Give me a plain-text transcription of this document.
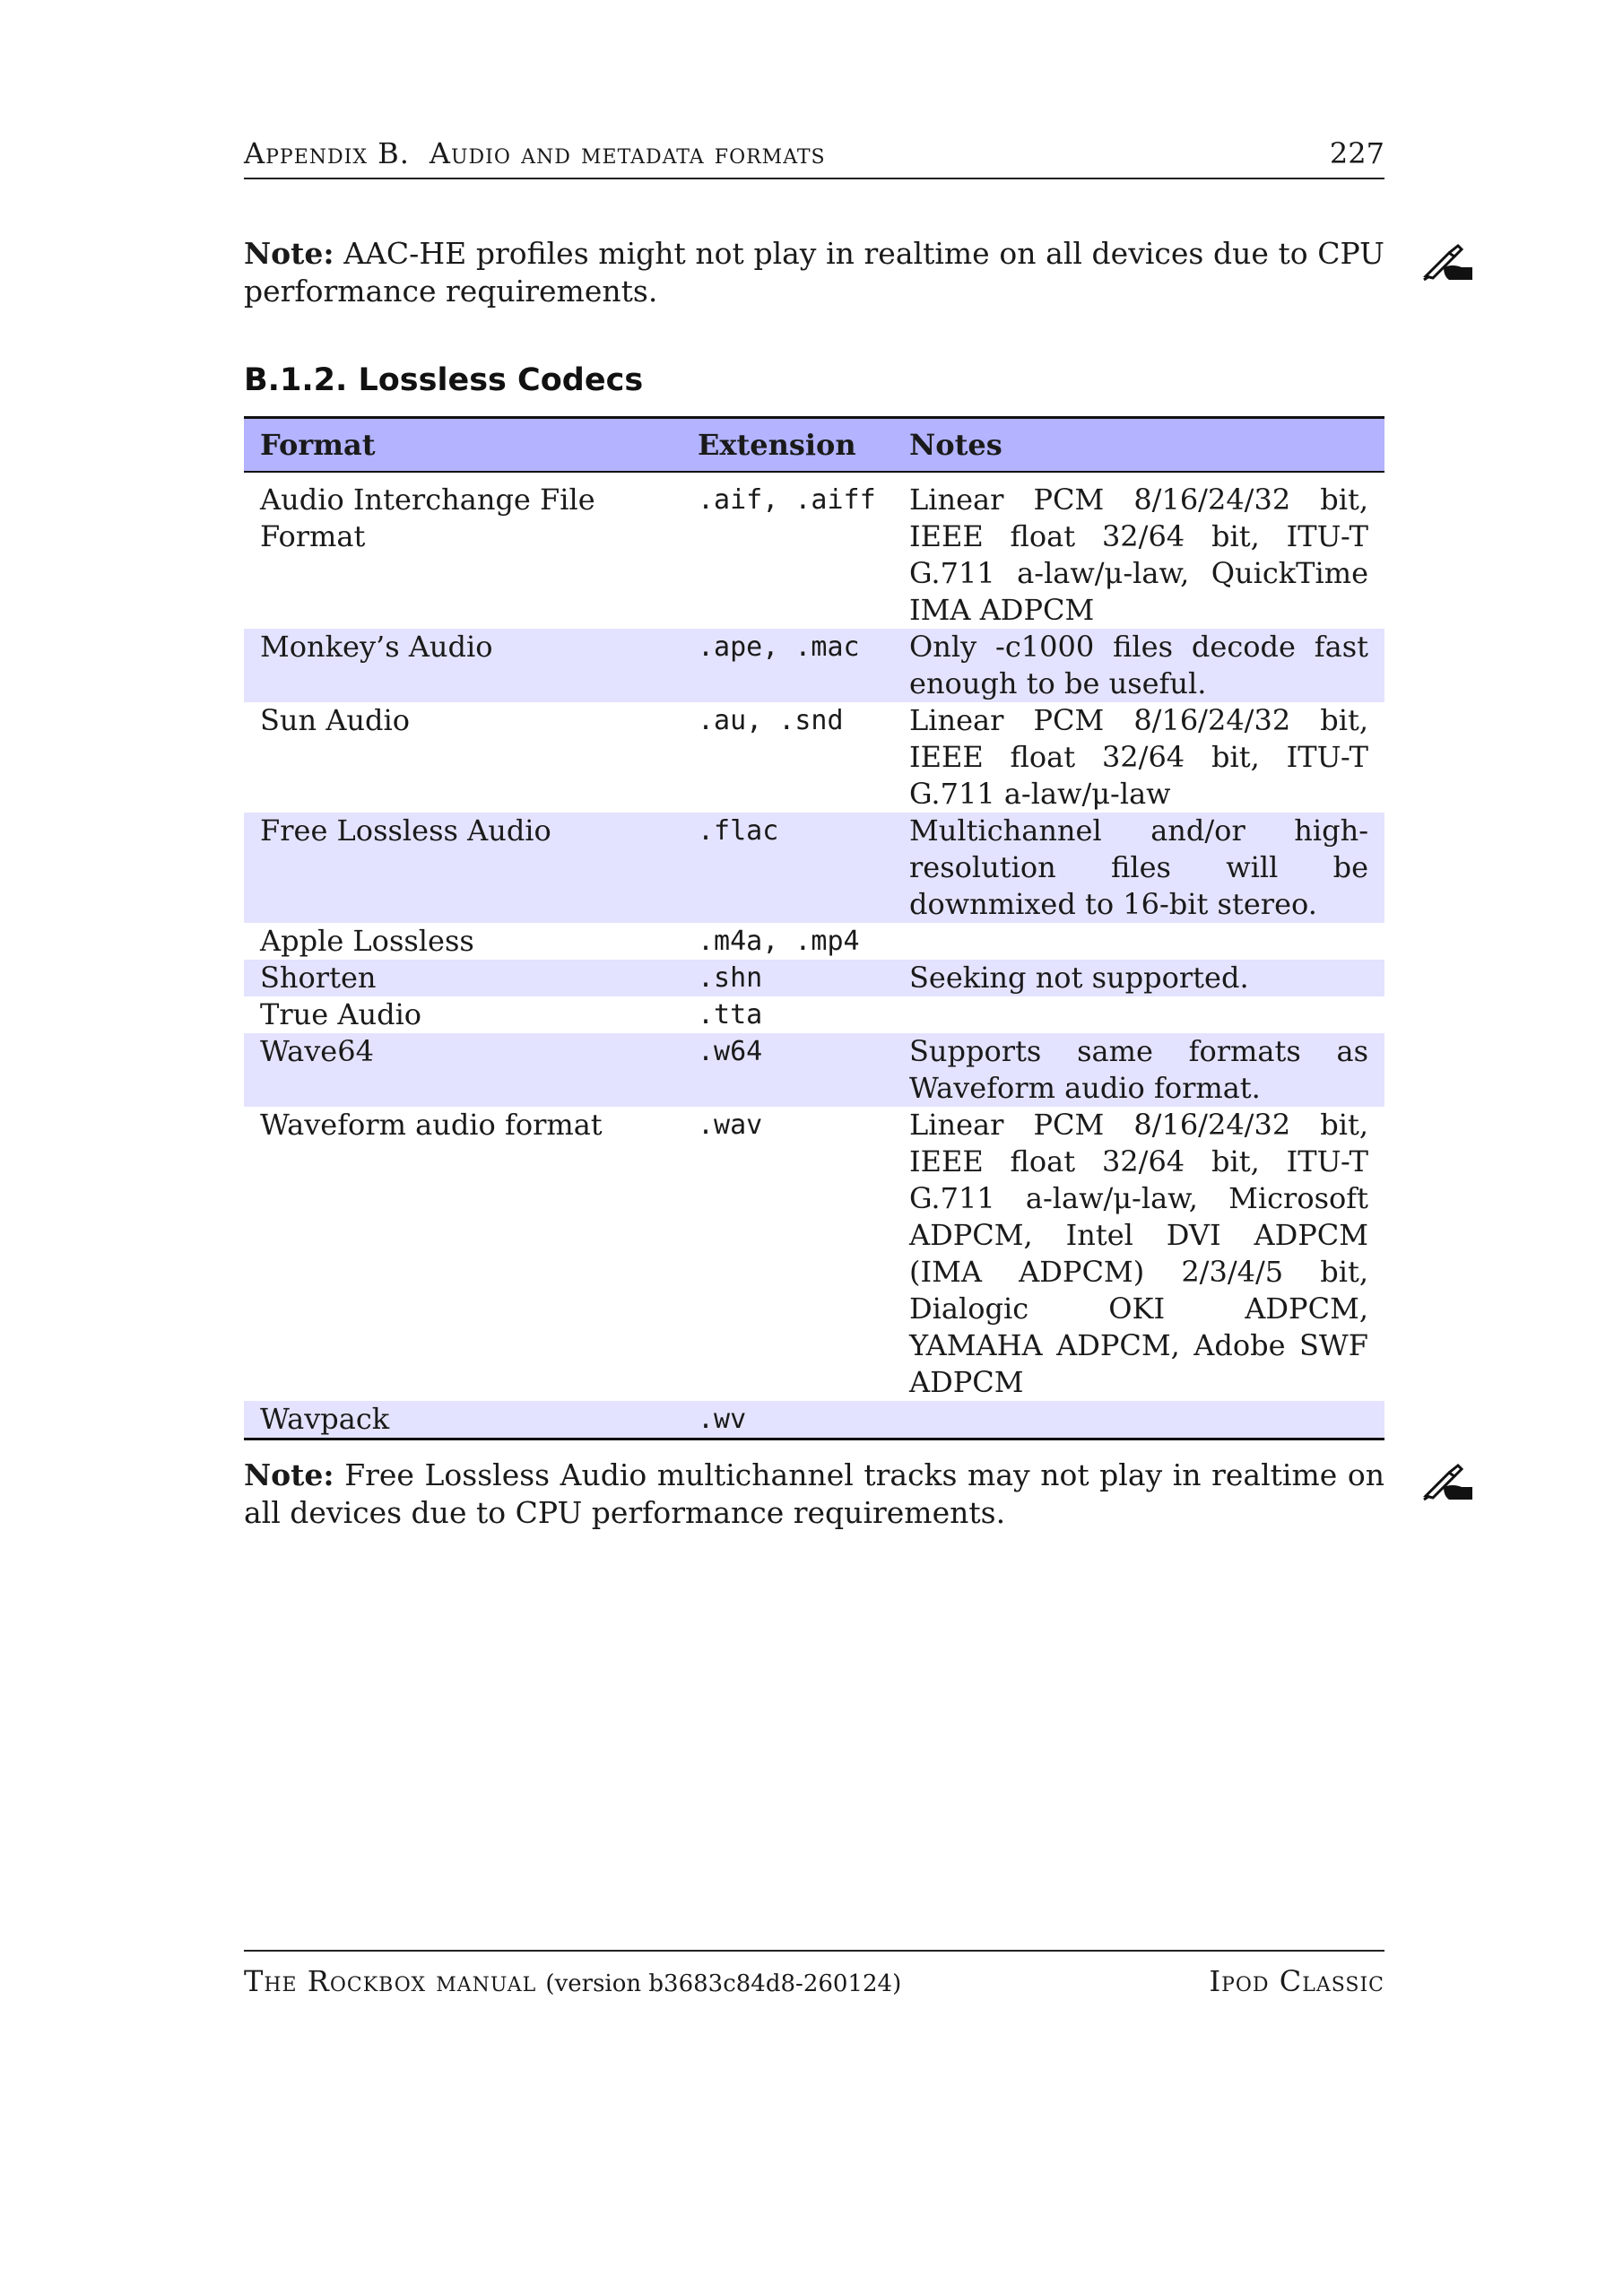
Appendix B. Audio and metadata formats	227
Note: AAC-HE profiles might not play in realtime on all devices due to CPU performance requirements.
B.1.2. Lossless Codecs
Format	Extension	Notes
Audio Interchange File Format	.aif, .aiff	Linear PCM 8/16/24/32 bit, IEEE float 32/64 bit, ITU-T G.711 a-law/μ-law, QuickTime IMA ADPCM
Monkey’s Audio	.ape, .mac	Only -c1000 files decode fast enough to be useful.
Sun Audio	.au, .snd	Linear PCM 8/16/24/32 bit, IEEE float 32/64 bit, ITU-T G.711 a-law/μ-law
Free Lossless Audio	.flac	Multichannel and/or high-resolution files will be downmixed to 16-bit stereo.
Apple Lossless	.m4a, .mp4	
Shorten	.shn	Seeking not supported.
True Audio	.tta	
Wave64	.w64	Supports same formats as Waveform audio format.
Waveform audio format	.wav	Linear PCM 8/16/24/32 bit, IEEE float 32/64 bit, ITU-T G.711 a-law/μ-law, Microsoft ADPCM, Intel DVI ADPCM (IMA ADPCM) 2/3/4/5 bit, Dialogic OKI ADPCM, YAMAHA ADPCM, Adobe SWF ADPCM
Wavpack	.wv	
Note: Free Lossless Audio multichannel tracks may not play in realtime on all devices due to CPU performance requirements.
The Rockbox manual (version b3683c84d8-260124)	Ipod Classic
